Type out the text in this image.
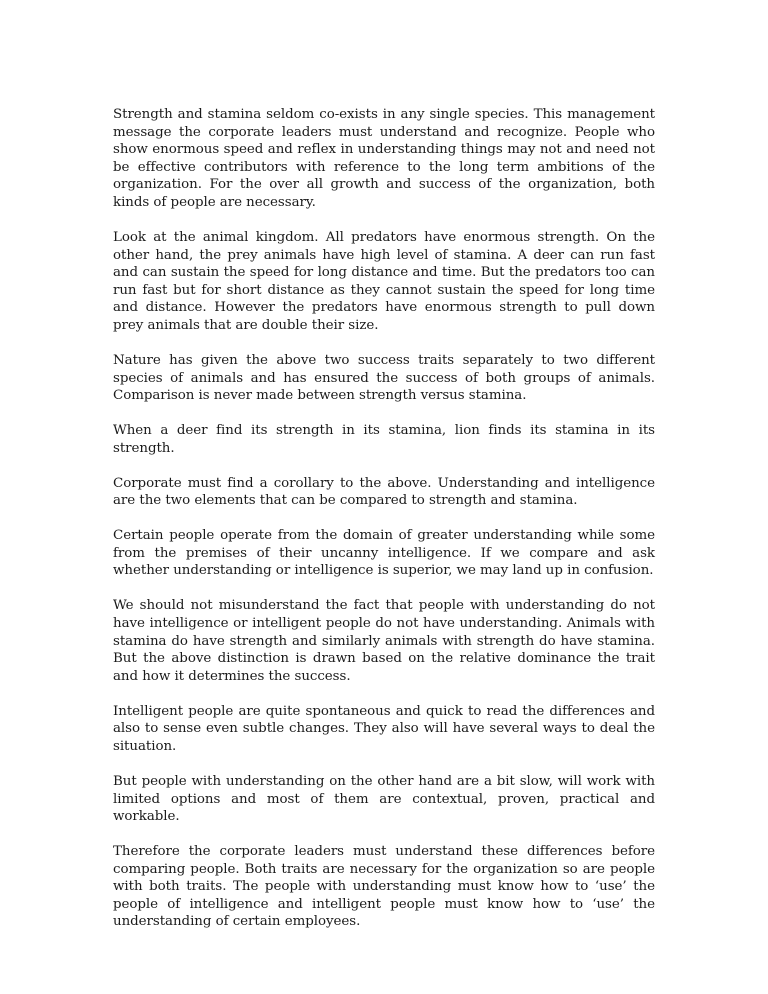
Strength and stamina seldom co-exists in any single species. This management message the corporate leaders must understand and recognize. People who show enormous speed and reflex in understanding things may not and need not be effective contributors with reference to the long term ambitions of the organization. For the over all growth and success of the organization, both kinds of people are necessary.

Look at the animal kingdom. All predators have enormous strength. On the other hand, the prey animals have high level of stamina. A deer can run fast and can sustain the speed for long distance and time. But the predators too can run fast but for short distance as they cannot sustain the speed for long time and distance. However the predators have enormous strength to pull down prey animals that are double their size.

Nature has given the above two success traits separately to two different species of animals and has ensured the success of both groups of animals. Comparison is never made between strength versus stamina.

When a deer find its strength in its stamina, lion finds its stamina in its strength.

Corporate must find a corollary to the above. Understanding and intelligence are the two elements that can be compared to strength and stamina.

Certain people operate from the domain of greater understanding while some from the premises of their uncanny intelligence. If we compare and ask whether understanding or intelligence is superior, we may land up in confusion.

We should not misunderstand the fact that people with understanding do not have intelligence or intelligent people do not have understanding. Animals with stamina do have strength and similarly animals with strength do have stamina. But the above distinction is drawn based on the relative dominance the trait and how it determines the success.

Intelligent people are quite spontaneous and quick to read the differences and also to sense even subtle changes. They also will have several ways to deal the situation.

But people with understanding on the other hand are a bit slow, will work with limited options and most of them are contextual, proven, practical and workable.

Therefore the corporate leaders must understand these differences before comparing people. Both traits are necessary for the organization so are people with both traits. The people with understanding must know how to ‘use’ the people of intelligence and intelligent people must know how to ‘use’ the understanding of certain employees.
